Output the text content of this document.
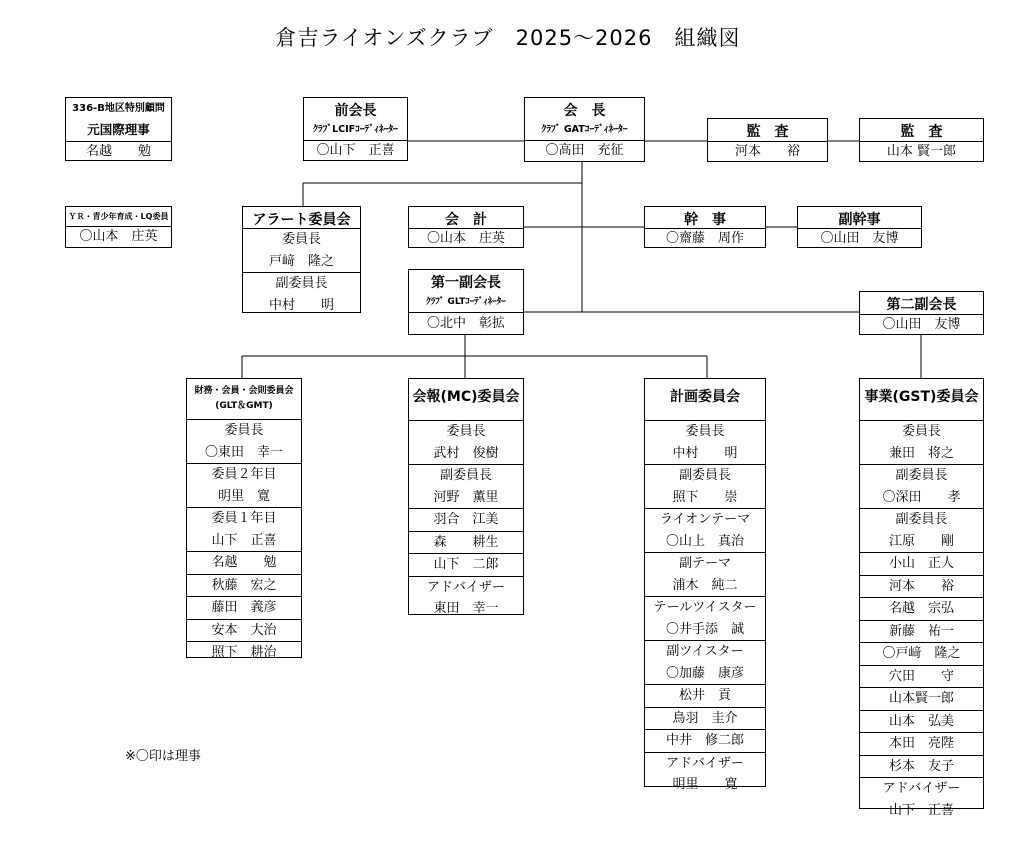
倉吉ライオンズクラブ　2025〜2026　組織図
336-B地区特別顧問
元国際理事
名越　　勉
前会長
ｸﾗﾌﾞLCIFｺｰﾃﾞｨﾈｰﾀｰ
〇山下　正喜
会　長
ｸﾗﾌﾞ GATｺｰﾃﾞｨﾈｰﾀｰ
〇高田　充征
監　査
河本　　裕
監　査
山本 賢一郎
ＹＲ・青少年育成・LQ委員
〇山本　庄英
アラート委員会
委員長
戸﨑　隆之
副委員長
中村　　明
会　計
〇山本　庄英
幹　事
〇齋藤　周作
副幹事
〇山田　友博
第一副会長
ｸﾗﾌﾞ GLTｺｰﾃﾞｨﾈｰﾀｰ
〇北中　彰拡
第二副会長
〇山田　友博
財務・会員・会則委員会
(GLT＆GMT)
委員長
〇東田　幸一
委員２年目
明里　寛
委員１年目
山下　正喜
名越　　勉
秋藤　宏之
藤田　義彦
安本　大治
照下　耕治
会報(MC)委員会
委員長
武村　俊樹
副委員長
河野　薫里
羽合　江美
森　　耕生
山下　二郎
アドバイザー
東田　幸一
計画委員会
委員長
中村　　明
副委員長
照下　　崇
ライオンテーマ
〇山上　真治
副テーマ
浦木　純二
テールツイスター
〇井手添　誠
副ツイスター
〇加藤　康彦
松井　貢
鳥羽　圭介
中井　修二郎
アドバイザー
明里　　寛
事業(GST)委員会
委員長
兼田　将之
副委員長
〇深田　　孝
副委員長
江原　　剛
小山　正人
河本　　裕
名越　宗弘
新藤　祐一
〇戸﨑　隆之
穴田　　守
山本賢一郎
山本　弘美
本田　亮陛
杉本　友子
アドバイザー
山下　正喜
※〇印は理事
